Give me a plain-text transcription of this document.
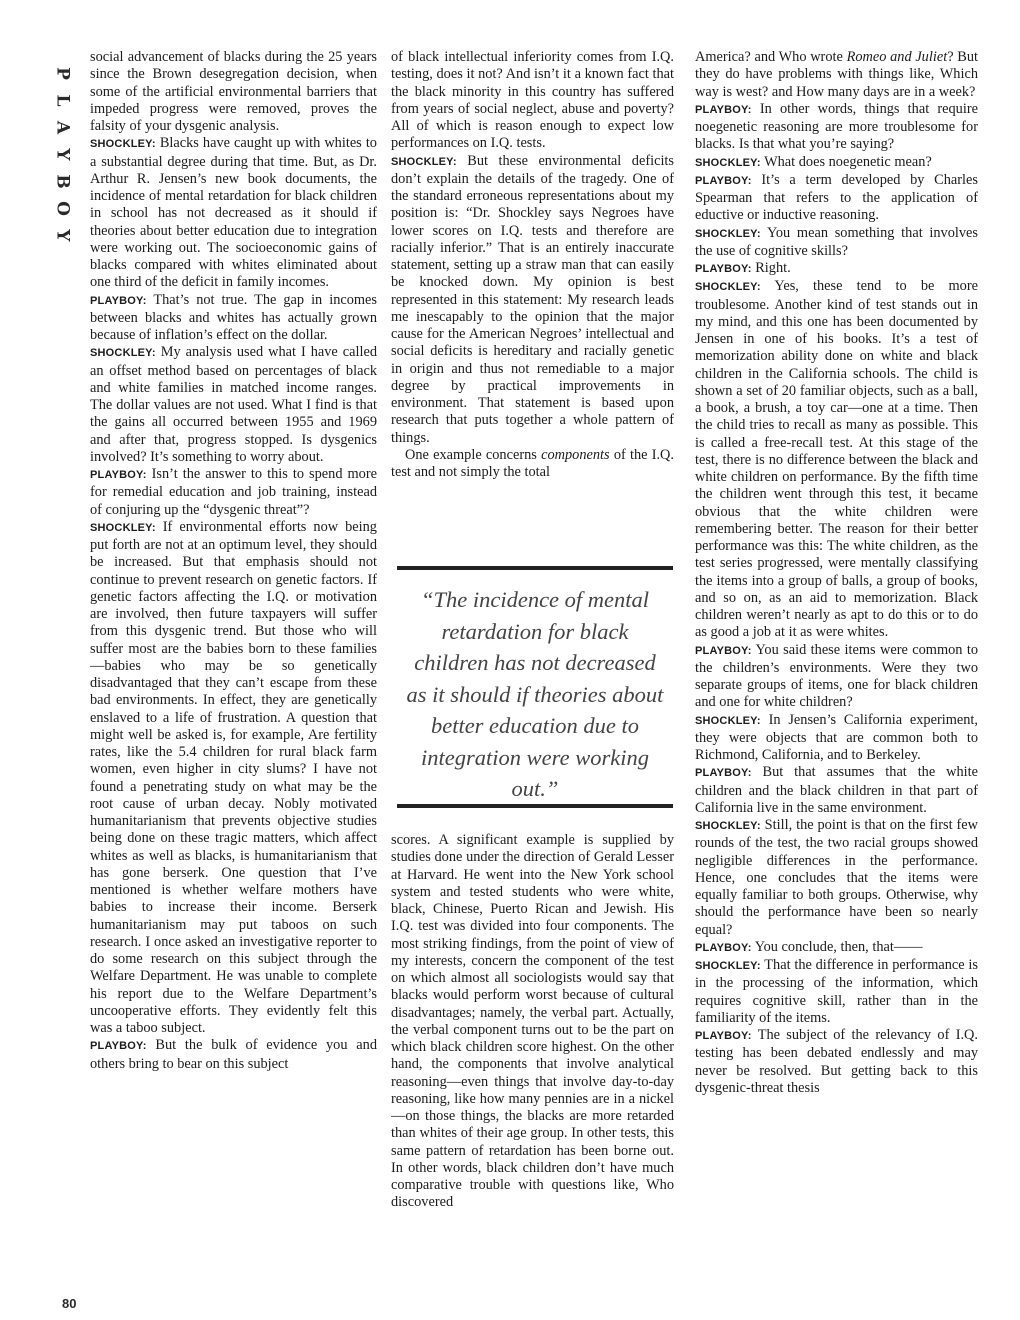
P
L
A
Y
B
O
Y
80

social advancement of blacks during the 25 years since the Brown desegregation decision, when some of the artificial environmental barriers that impeded progress were removed, proves the falsity of your dysgenic analysis.

SHOCKLEY: Blacks have caught up with whites to a substantial degree during that time. But, as Dr. Arthur R. Jensen’s new book documents, the incidence of mental retardation for black children in school has not decreased as it should if theories about better education due to integration were working out. The socioeconomic gains of blacks compared with whites eliminated about one third of the deficit in family incomes.

PLAYBOY: That’s not true. The gap in incomes between blacks and whites has actually grown because of inflation’s effect on the dollar.

SHOCKLEY: My analysis used what I have called an offset method based on percentages of black and white families in matched income ranges. The dollar values are not used. What I find is that the gains all occurred between 1955 and 1969 and after that, progress stopped. Is dysgenics involved? It’s something to worry about.

PLAYBOY: Isn’t the answer to this to spend more for remedial education and job training, instead of conjuring up the “dysgenic threat”?

SHOCKLEY: If environmental efforts now being put forth are not at an optimum level, they should be increased. But that emphasis should not continue to prevent research on genetic factors. If genetic factors affecting the I.Q. or motivation are involved, then future taxpayers will suffer from this dysgenic trend. But those who will suffer most are the babies born to these families—babies who may be so genetically disadvantaged that they can’t escape from these bad environments. In effect, they are genetically enslaved to a life of frustration. A question that might well be asked is, for example, Are fertility rates, like the 5.4 children for rural black farm women, even higher in city slums? I have not found a penetrating study on what may be the root cause of urban decay. Nobly motivated humanitarianism that prevents objective studies being done on these tragic matters, which affect whites as well as blacks, is humanitarianism that has gone berserk. One question that I’ve mentioned is whether welfare mothers have babies to increase their income. Berserk humanitarianism may put taboos on such research. I once asked an investigative reporter to do some research on this subject through the Welfare Department. He was unable to complete his report due to the Welfare Department’s uncooperative efforts. They evidently felt this was a taboo subject.

PLAYBOY: But the bulk of evidence you and others bring to bear on this subject

of black intellectual inferiority comes from I.Q. testing, does it not? And isn’t it a known fact that the black minority in this country has suffered from years of social neglect, abuse and poverty? All of which is reason enough to expect low performances on I.Q. tests.

SHOCKLEY: But these environmental deficits don’t explain the details of the tragedy. One of the standard erroneous representations about my position is: “Dr. Shockley says Negroes have lower scores on I.Q. tests and therefore are racially inferior.” That is an entirely inaccurate statement, setting up a straw man that can easily be knocked down. My opinion is best represented in this statement: My research leads me inescapably to the opinion that the major cause for the American Negroes’ intellectual and social deficits is hereditary and racially genetic in origin and thus not remediable to a major degree by practical improvements in environment. That statement is based upon research that puts together a whole pattern of things.

One example concerns components of the I.Q. test and not simply the total

“The incidence of mental retardation for black children has not decreased as it should if theories about better education due to integration were working out.”

scores. A significant example is supplied by studies done under the direction of Gerald Lesser at Harvard. He went into the New York school system and tested students who were white, black, Chinese, Puerto Rican and Jewish. His I.Q. test was divided into four components. The most striking findings, from the point of view of my interests, concern the component of the test on which almost all sociologists would say that blacks would perform worst because of cultural disadvantages; namely, the verbal part. Actually, the verbal component turns out to be the part on which black children score highest. On the other hand, the components that involve analytical reasoning—even things that involve day-to-day reasoning, like how many pennies are in a nickel—on those things, the blacks are more retarded than whites of their age group. In other tests, this same pattern of retardation has been borne out. In other words, black children don’t have much comparative trouble with questions like, Who discovered

America? and Who wrote Romeo and Juliet? But they do have problems with things like, Which way is west? and How many days are in a week?

PLAYBOY: In other words, things that require noegenetic reasoning are more troublesome for blacks. Is that what you’re saying?

SHOCKLEY: What does noegenetic mean?

PLAYBOY: It’s a term developed by Charles Spearman that refers to the application of eductive or inductive reasoning.

SHOCKLEY: You mean something that involves the use of cognitive skills?

PLAYBOY: Right.

SHOCKLEY: Yes, these tend to be more troublesome. Another kind of test stands out in my mind, and this one has been documented by Jensen in one of his books. It’s a test of memorization ability done on white and black children in the California schools. The child is shown a set of 20 familiar objects, such as a ball, a book, a brush, a toy car—one at a time. Then the child tries to recall as many as possible. This is called a free-recall test. At this stage of the test, there is no difference between the black and white children on performance. By the fifth time the children went through this test, it became obvious that the white children were remembering better. The reason for their better performance was this: The white children, as the test series progressed, were mentally classifying the items into a group of balls, a group of books, and so on, as an aid to memorization. Black children weren’t nearly as apt to do this or to do as good a job at it as were whites.

PLAYBOY: You said these items were common to the children’s environments. Were they two separate groups of items, one for black children and one for white children?

SHOCKLEY: In Jensen’s California experiment, they were objects that are common both to Richmond, California, and to Berkeley.

PLAYBOY: But that assumes that the white children and the black children in that part of California live in the same environment.

SHOCKLEY: Still, the point is that on the first few rounds of the test, the two racial groups showed negligible differences in the performance. Hence, one concludes that the items were equally familiar to both groups. Otherwise, why should the performance have been so nearly equal?

PLAYBOY: You conclude, then, that——

SHOCKLEY: That the difference in performance is in the processing of the information, which requires cognitive skill, rather than in the familiarity of the items.

PLAYBOY: The subject of the relevancy of I.Q. testing has been debated endlessly and may never be resolved. But getting back to this dysgenic-threat thesis
